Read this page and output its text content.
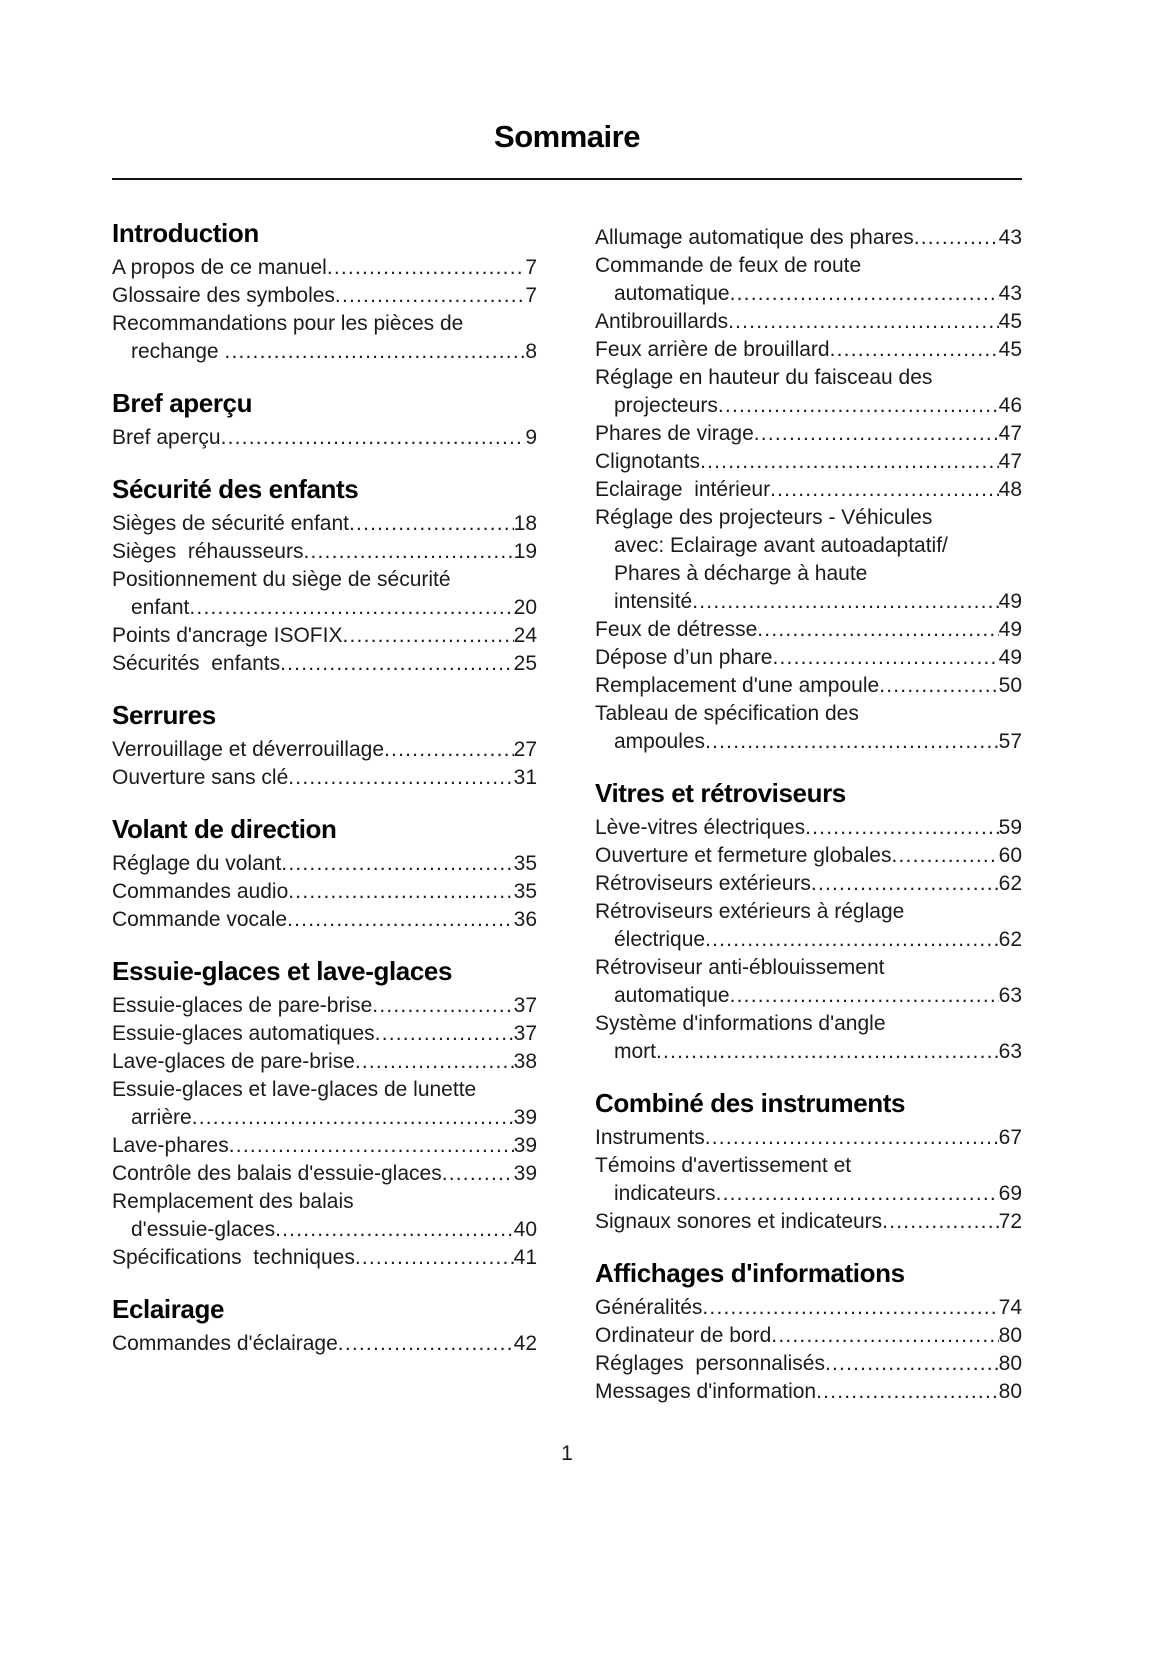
Sommaire
Introduction
A propos de ce manuel .....	7
Glossaire des symboles .....	7
Recommandations pour les pièces de
rechange .....	8
Bref aperçu
Bref aperçu .....	9
Sécurité des enfants
Sièges de sécurité enfant .....	18
Sièges  réhausseurs .....	19
Positionnement du siège de sécurité
enfant .....	20
Points d'ancrage ISOFIX .....	24
Sécurités  enfants .....	25
Serrures
Verrouillage et déverrouillage .....	27
Ouverture sans clé .....	31
Volant de direction
Réglage du volant .....	35
Commandes audio .....	35
Commande vocale .....	36
Essuie-glaces et lave-glaces
Essuie-glaces de pare-brise .....	37
Essuie-glaces automatiques .....	37
Lave-glaces de pare-brise .....	38
Essuie-glaces et lave-glaces de lunette
arrière .....	39
Lave-phares .....	39
Contrôle des balais d'essuie-glaces .....	39
Remplacement des balais
d'essuie-glaces .....	40
Spécifications  techniques .....	41
Eclairage
Commandes d'éclairage .....	42
Allumage automatique des phares .....	43
Commande de feux de route
automatique .....	43
Antibrouillards .....	45
Feux arrière de brouillard .....	45
Réglage en hauteur du faisceau des
projecteurs .....	46
Phares de virage .....	47
Clignotants .....	47
Eclairage  intérieur .....	48
Réglage des projecteurs - Véhicules
avec: Eclairage avant autoadaptatif/
Phares à décharge à haute
intensité .....	49
Feux de détresse .....	49
Dépose d’un phare .....	49
Remplacement d'une ampoule .....	50
Tableau de spécification des
ampoules .....	57
Vitres et rétroviseurs
Lève-vitres électriques .....	59
Ouverture et fermeture globales .....	60
Rétroviseurs extérieurs .....	62
Rétroviseurs extérieurs à réglage
électrique .....	62
Rétroviseur anti-éblouissement
automatique .....	63
Système d'informations d'angle
mort .....	63
Combiné des instruments
Instruments .....	67
Témoins d'avertissement et
indicateurs .....	69
Signaux sonores et indicateurs .....	72
Affichages d'informations
Généralités .....	74
Ordinateur de bord .....	80
Réglages  personnalisés .....	80
Messages d'information .....	80
1
